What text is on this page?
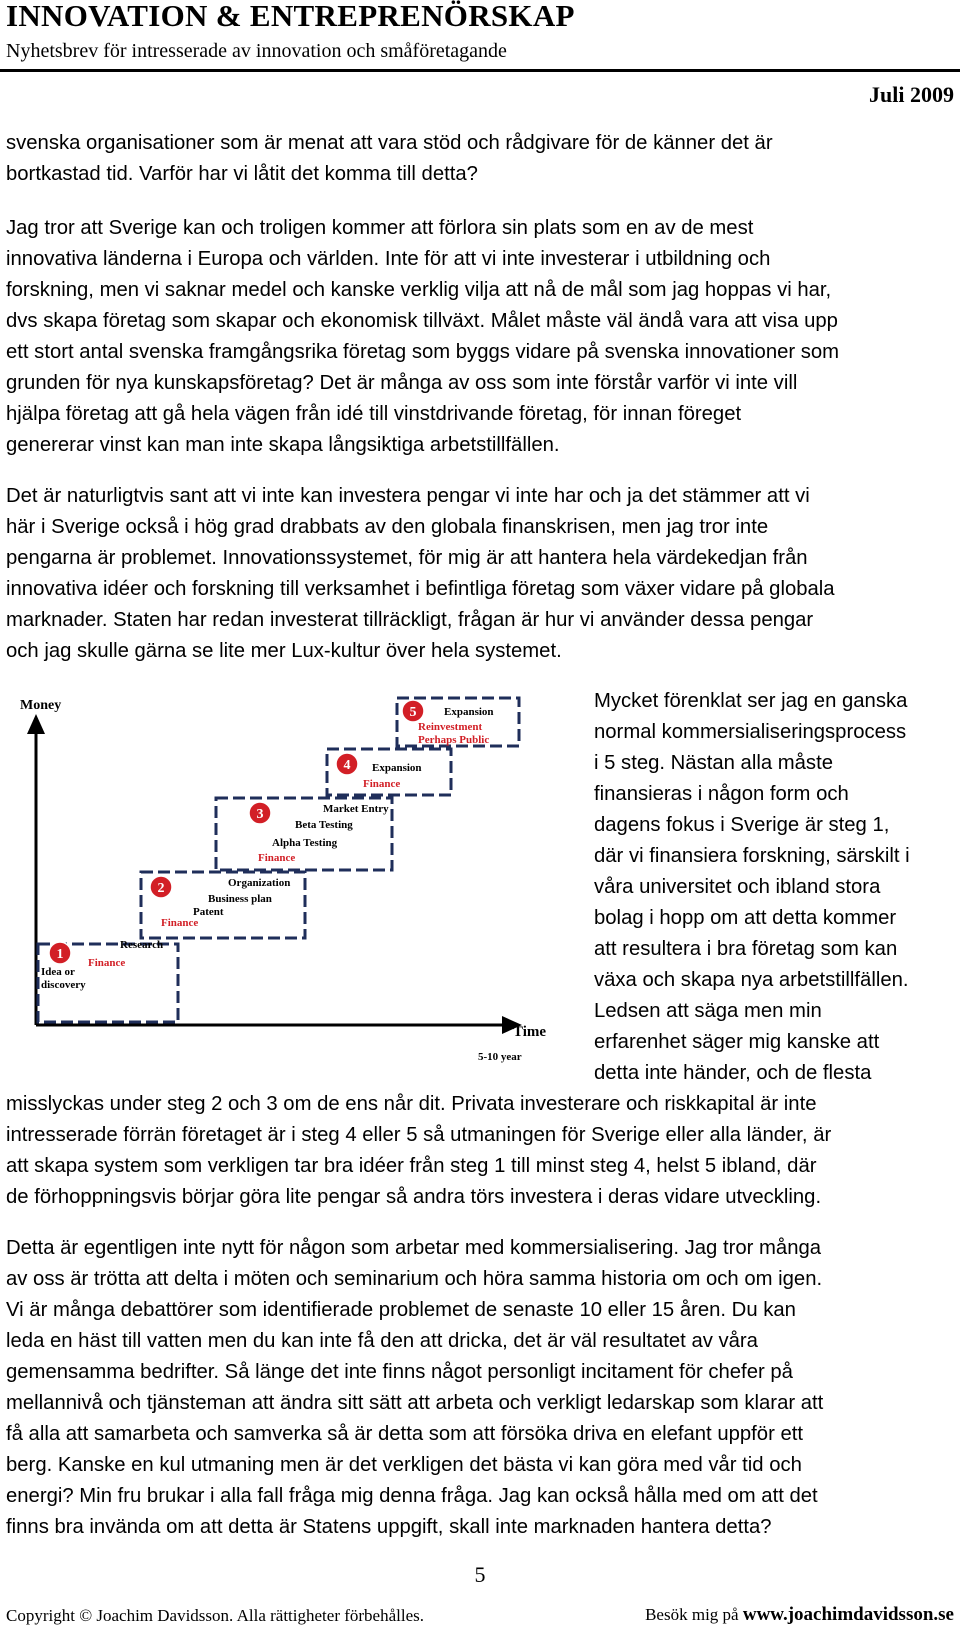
INNOVATION & ENTREPRENÖRSKAP
Nyhetsbrev för intresserade av innovation och småföretagande
Juli 2009
svenska organisationer som är menat att vara stöd och rådgivare för de känner det är
bortkastad tid. Varför har vi låtit det komma till detta?
Jag tror att Sverige kan och troligen kommer att förlora sin plats som en av de mest
innovativa länderna i Europa och världen. Inte för att vi inte investerar i utbildning och
forskning, men vi saknar medel och kanske verklig vilja att nå de mål som jag hoppas vi har,
dvs skapa företag som skapar och ekonomisk tillväxt. Målet måste väl ändå vara att visa upp
ett stort antal svenska framgångsrika företag som byggs vidare på svenska innovationer som
grunden för nya kunskapsföretag? Det är många av oss som inte förstår varför vi inte vill
hjälpa företag att gå hela vägen från idé till vinstdrivande företag, för innan föreget
genererar vinst kan man inte skapa långsiktiga arbetstillfällen.
Det är naturligtvis sant att vi inte kan investera pengar vi inte har och ja det stämmer att vi
här i Sverige också i hög grad drabbats av den globala finanskrisen, men jag tror inte
pengarna är problemet. Innovationssystemet, för mig är att hantera hela värdekedjan från
innovativa idéer och forskning till verksamhet i befintliga företag som växer vidare på globala
marknader. Staten har redan investerat tillräckligt, frågan är hur vi använder dessa pengar
och jag skulle gärna se lite mer Lux-kultur över hela systemet.
Mycket förenklat ser jag en ganska
normal kommersialiseringsprocess
i 5 steg. Nästan alla måste
finansieras i någon form och
dagens fokus i Sverige är steg 1,
där vi finansiera forskning, särskilt i
våra universitet och ibland stora
bolag i hopp om att detta kommer
att resultera i bra företag som kan
växa och skapa nya arbetstillfällen.
Ledsen att säga men min
erfarenhet säger mig kanske att
detta inte händer, och de flesta
misslyckas under steg 2 och 3 om de ens når dit. Privata investerare och riskkapital är inte
intresserade förrän företaget är i steg 4 eller 5 så utmaningen för Sverige eller alla länder, är
att skapa system som verkligen tar bra idéer från steg 1 till minst steg 4, helst 5 ibland, där
de förhoppningsvis börjar göra lite pengar så andra törs investera i deras vidare utveckling.
Detta är egentligen inte nytt för någon som arbetar med kommersialisering. Jag tror många
av oss är trötta att delta i möten och seminarium och höra samma historia om och om igen.
Vi är många debattörer som identifierade problemet de senaste 10 eller 15 åren. Du kan
leda en häst till vatten men du kan inte få den att dricka, det är väl resultatet av våra
gemensamma bedrifter. Så länge det inte finns något personligt incitament för chefer på
mellannivå och tjänsteman att ändra sitt sätt att arbeta och verkligt ledarskap som klarar att
få alla att samarbeta och samverka så är detta som att försöka driva en elefant uppför ett
berg. Kanske en kul utmaning men är det verkligen det bästa vi kan göra med vår tid och
energi? Min fru brukar i alla fall fråga mig denna fråga. Jag kan också hålla med om att det
finns bra invända om att detta är Statens uppgift, skall inte marknaden hantera detta?
Money
Time
5-10 year
1
Research
Finance
Idea or
discovery
2	Organization
Business plan
Patent
Finance
3	Market Entry
Beta Testing
Alpha Testing
Finance
4 Expansion
Finance
5	Expansion
Reinvestment
Perhaps Public
5
Copyright © Joachim Davidsson. Alla rättigheter förbehålles.	Besök mig på www.joachimdavidsson.se
